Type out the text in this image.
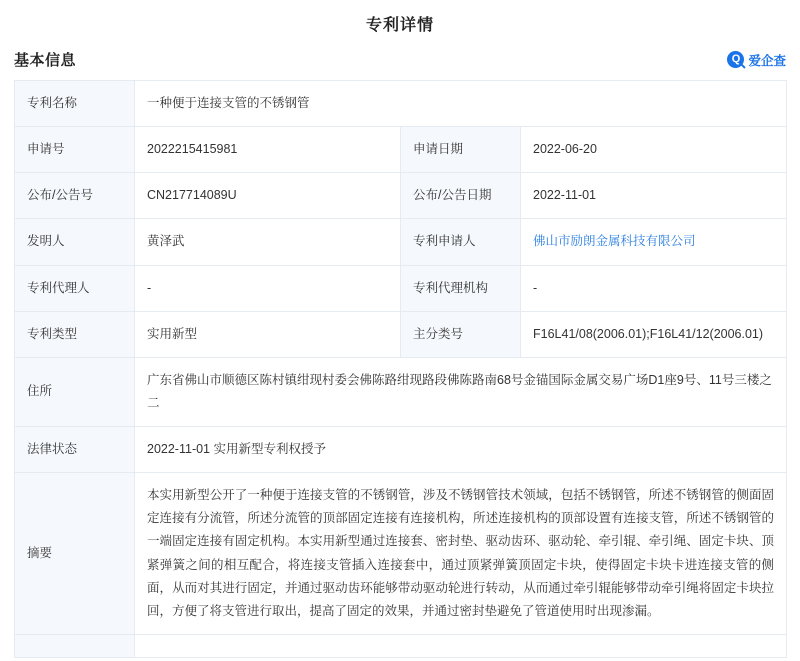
专利详情
基本信息	Q 爱企查
专利名称	一种便于连接支管的不锈钢管		
申请号	2022215415981	申请日期	2022-06-20
公布/公告号	CN217714089U	公布/公告日期	2022-11-01
发明人	黄泽武	专利申请人	佛山市励朗金属科技有限公司
专利代理人	-	专利代理机构	-
专利类型	实用新型	主分类号	F16L41/08(2006.01);F16L41/12(2006.01)
住所	广东省佛山市顺德区陈村镇绀现村委会佛陈路绀现路段佛陈路南68号金锚国际金属交易广场D1座9号、11号三楼之二		
法律状态	2022-11-01 实用新型专利权授予		
摘要	本实用新型公开了一种便于连接支管的不锈钢管，涉及不锈钢管技术领域，包括不锈钢管，所述不锈钢管的侧面固定连接有分流管，所述分流管的顶部固定连接有连接机构，所述连接机构的顶部设置有连接支管，所述不锈钢管的一端固定连接有固定机构。本实用新型通过连接套、密封垫、驱动齿环、驱动轮、牵引辊、牵引绳、固定卡块、顶紧弹簧之间的相互配合，将连接支管插入连接套中，通过顶紧弹簧顶固定卡块，使得固定卡块卡进连接支管的侧面，从而对其进行固定，并通过驱动齿环能够带动驱动轮进行转动，从而通过牵引辊能够带动牵引绳将固定卡块拉回，方便了将支管进行取出，提高了固定的效果，并通过密封垫避免了管道使用时出现渗漏。		
